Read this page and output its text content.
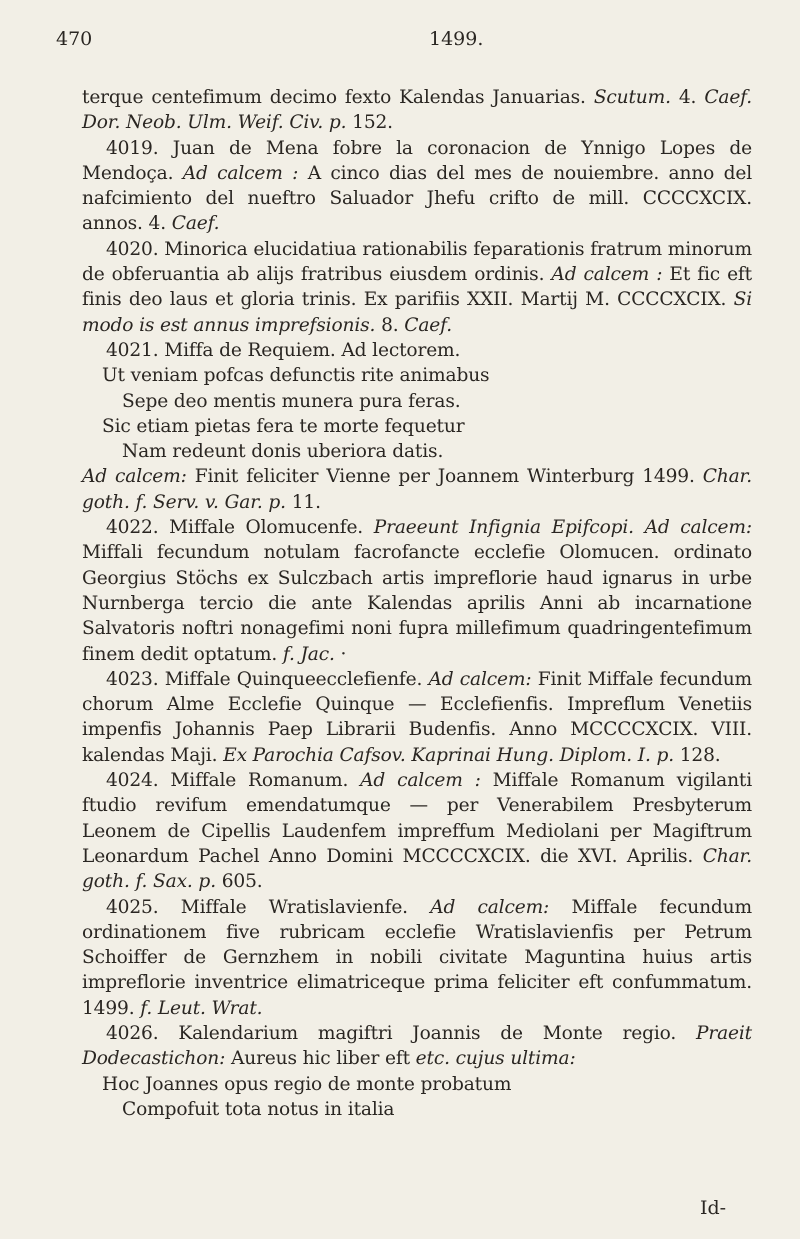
470	1499.

terque centefimum decimo fexto Kalendas Januarias. Scutum. 4. Caef. Dor. Neob. Ulm. Weif. Civ. p. 152.

4019. Juan de Mena fobre la coronacion de Ynnigo Lopes de Mendoça. Ad calcem : A cinco dias del mes de nouiembre. anno del nafcimiento del nueftro Saluador Jhefu crifto de mill. CCCCXCIX. annos. 4. Caef.

4020. Minorica elucidatiua rationabilis feparationis fratrum minorum de obferuantia ab alijs fratribus eiusdem ordinis. Ad calcem : Et fic eft finis deo laus et gloria trinis. Ex parifiis XXII. Martij M. CCCCXCIX. Si modo is est annus imprefsionis. 8. Caef.

4021. Miffa de Requiem. Ad lectorem.

Ut veniam pofcas defunctis rite animabus

Sepe deo mentis munera pura feras.

Sic etiam pietas fera te morte fequetur

Nam redeunt donis uberiora datis.

Ad calcem: Finit feliciter Vienne per Joannem Winterburg 1499. Char. goth. f. Serv. v. Gar. p. 11.

4022. Miffale Olomucenfe. Praeeunt Infignia Epifcopi. Ad calcem: Miffali fecundum notulam facrofancte ecclefie Olomucen. ordinato Georgius Stöchs ex Sulczbach artis impreflorie haud ignarus in urbe Nurnberga tercio die ante Kalendas aprilis Anni ab incarnatione Salvatoris noftri nonagefimi noni fupra millefimum quadringentefimum finem dedit optatum. f. Jac. ·

4023. Miffale Quinqueecclefienfe. Ad calcem: Finit Miffale fecundum chorum Alme Ecclefie Quinque — Ecclefienfis. Impreflum Venetiis impenfis Johannis Paep Librarii Budenfis. Anno MCCCCXCIX. VIII. kalendas Maji. Ex Parochia Cafsov. Kaprinai Hung. Diplom. I. p. 128.

4024. Miffale Romanum. Ad calcem : Miffale Romanum vigilanti ftudio revifum emendatumque — per Venerabilem Presbyterum Leonem de Cipellis Laudenfem impreffum Mediolani per Magiftrum Leonardum Pachel Anno Domini MCCCCXCIX. die XVI. Aprilis. Char. goth. f. Sax. p. 605.

4025. Miffale Wratislavienfe. Ad calcem: Miffale fecundum ordinationem five rubricam ecclefie Wratislavienfis per Petrum Schoiffer de Gernzhem in nobili civitate Maguntina huius artis impreflorie inventrice elimatriceque prima feliciter eft confummatum. 1499. f. Leut. Wrat.

4026. Kalendarium magiftri Joannis de Monte regio. Praeit Dodecastichon: Aureus hic liber eft etc. cujus ultima:

Hoc Joannes opus regio de monte probatum

Compofuit tota notus in italia

Id-
